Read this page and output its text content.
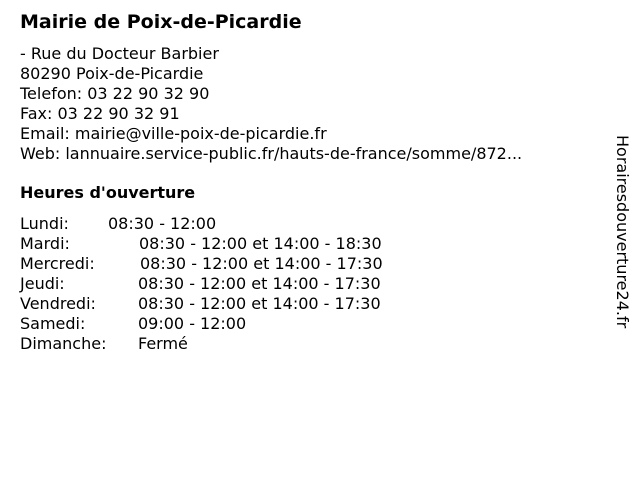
Mairie de Poix-de-Picardie
- Rue du Docteur Barbier
80290 Poix-de-Picardie
Telefon: 03 22 90 32 90
Fax: 03 22 90 32 91
Email: mairie@ville-poix-de-picardie.fr
Web: lannuaire.service-public.fr/hauts-de-france/somme/872...
Heures d'ouverture
Lundi: 08:30 - 12:00
Mardi:	08:30 - 12:00 et 14:00 - 18:30
Mercredi:	08:30 - 12:00 et 14:00 - 17:30
Jeudi:	08:30 - 12:00 et 14:00 - 17:30
Vendredi:	08:30 - 12:00 et 14:00 - 17:30
Samedi:	09:00 - 12:00
Dimanche: Fermé
Horairesdouverture24.fr
